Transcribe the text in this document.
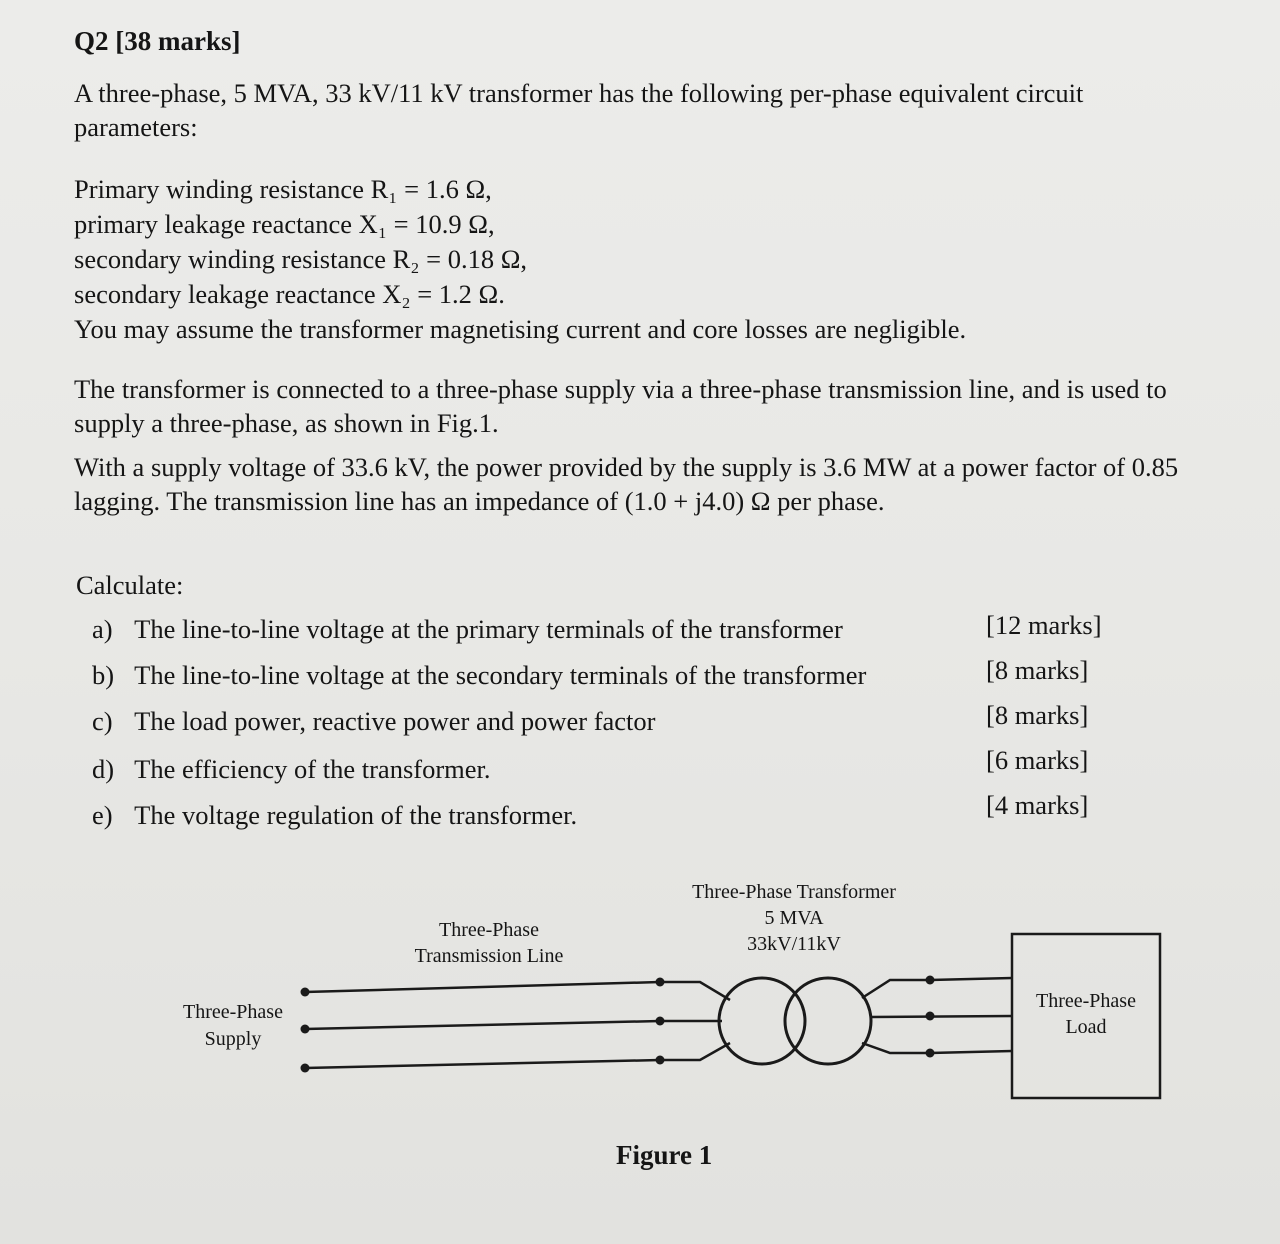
Q2 [38 marks]

A three-phase, 5 MVA, 33 kV/11 kV transformer has the following per-phase equivalent circuit parameters:

Primary winding resistance R₁ = 1.6 Ω,
primary leakage reactance X₁ = 10.9 Ω,
secondary winding resistance R₂ = 0.18 Ω,
secondary leakage reactance X₂ = 1.2 Ω.
You may assume the transformer magnetising current and core losses are negligible.

The transformer is connected to a three-phase supply via a three-phase transmission line, and is used to supply a three-phase, as shown in Fig.1.

With a supply voltage of 33.6 kV, the power provided by the supply is 3.6 MW at a power factor of 0.85 lagging. The transmission line has an impedance of (1.0 + j4.0) Ω per phase.

Calculate:
a) The line-to-line voltage at the primary terminals of the transformer	[12 marks]
b) The line-to-line voltage at the secondary terminals of the transformer	[8 marks]
c) The load power, reactive power and power factor	[8 marks]
d) The efficiency of the transformer.	[6 marks]
e) The voltage regulation of the transformer.	[4 marks]
Three-Phase
Supply
Three-Phase
Transmission Line
Three-Phase Transformer
5 MVA
33kV/11kV
Three-Phase
Load
Figure 1
